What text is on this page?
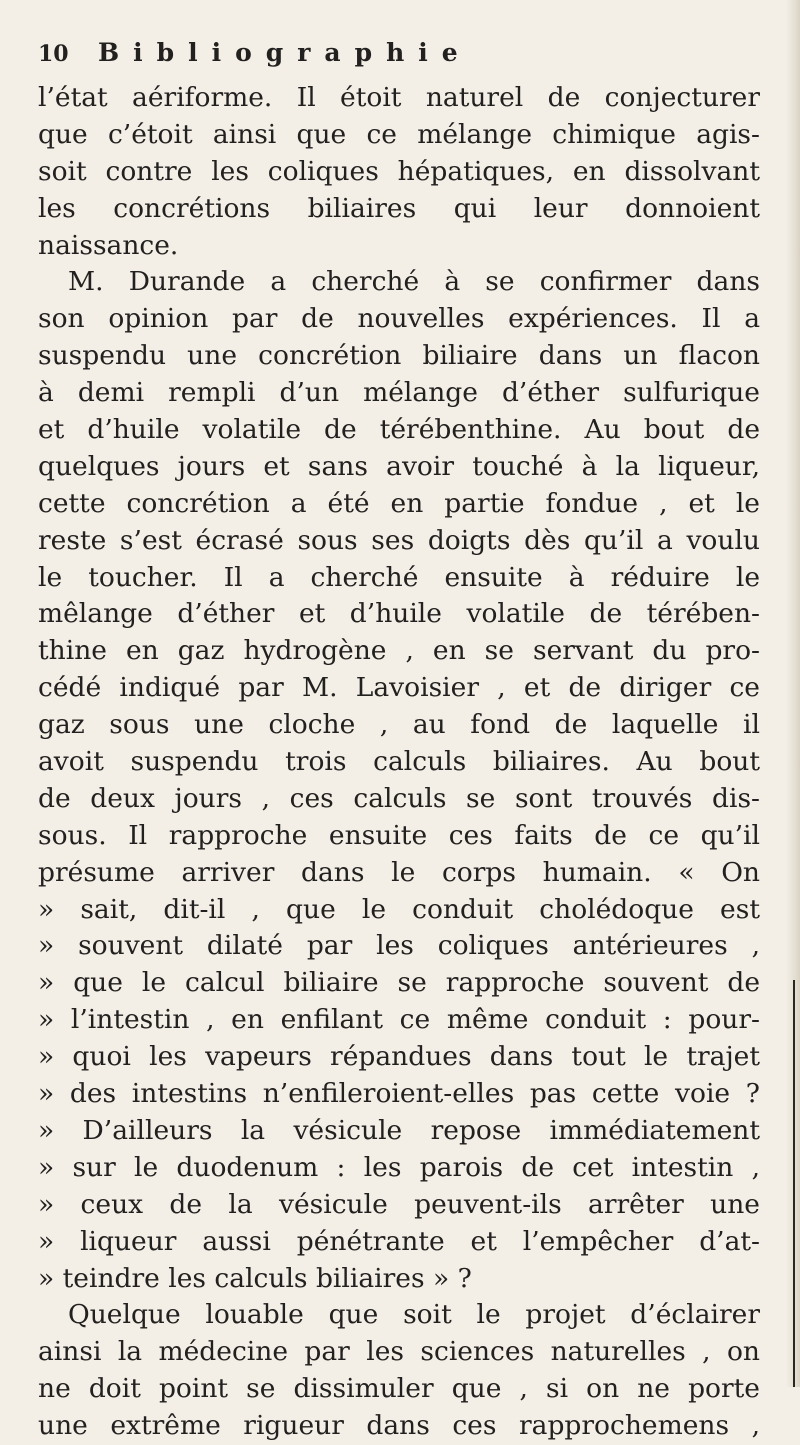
10	Bibliographie
l’état aériforme. Il étoit naturel de conjecturer
que c’étoit ainsi que ce mélange chimique agis-
soit contre les coliques hépatiques, en dissolvant
les concrétions biliaires qui leur donnoient
naissance.
M. Durande a cherché à se confirmer dans
son opinion par de nouvelles expériences. Il a
suspendu une concrétion biliaire dans un flacon
à demi rempli d’un mélange d’éther sulfurique
et d’huile volatile de térébenthine. Au bout de
quelques jours et sans avoir touché à la liqueur,
cette concrétion a été en partie fondue , et le
reste s’est écrasé sous ses doigts dès qu’il a voulu
le toucher. Il a cherché ensuite à réduire le
mêlange d’éther et d’huile volatile de térében-
thine en gaz hydrogène , en se servant du pro-
cédé indiqué par M. Lavoisier , et de diriger ce
gaz sous une cloche , au fond de laquelle il
avoit suspendu trois calculs biliaires. Au bout
de deux jours , ces calculs se sont trouvés dis-
sous. Il rapproche ensuite ces faits de ce qu’il
présume arriver dans le corps humain. « On
» sait, dit-il , que le conduit cholédoque est
» souvent dilaté par les coliques antérieures ,
» que le calcul biliaire se rapproche souvent de
» l’intestin , en enfilant ce même conduit : pour-
» quoi les vapeurs répandues dans tout le trajet
» des intestins n’enfileroient-elles pas cette voie ?
» D’ailleurs la vésicule repose immédiatement
» sur le duodenum : les parois de cet intestin ,
» ceux de la vésicule peuvent-ils arrêter une
» liqueur aussi pénétrante et l’empêcher d’at-
» teindre les calculs biliaires » ?
Quelque louable que soit le projet d’éclairer
ainsi la médecine par les sciences naturelles , on
ne doit point se dissimuler que , si on ne porte
une extrême rigueur dans ces rapprochemens ,
